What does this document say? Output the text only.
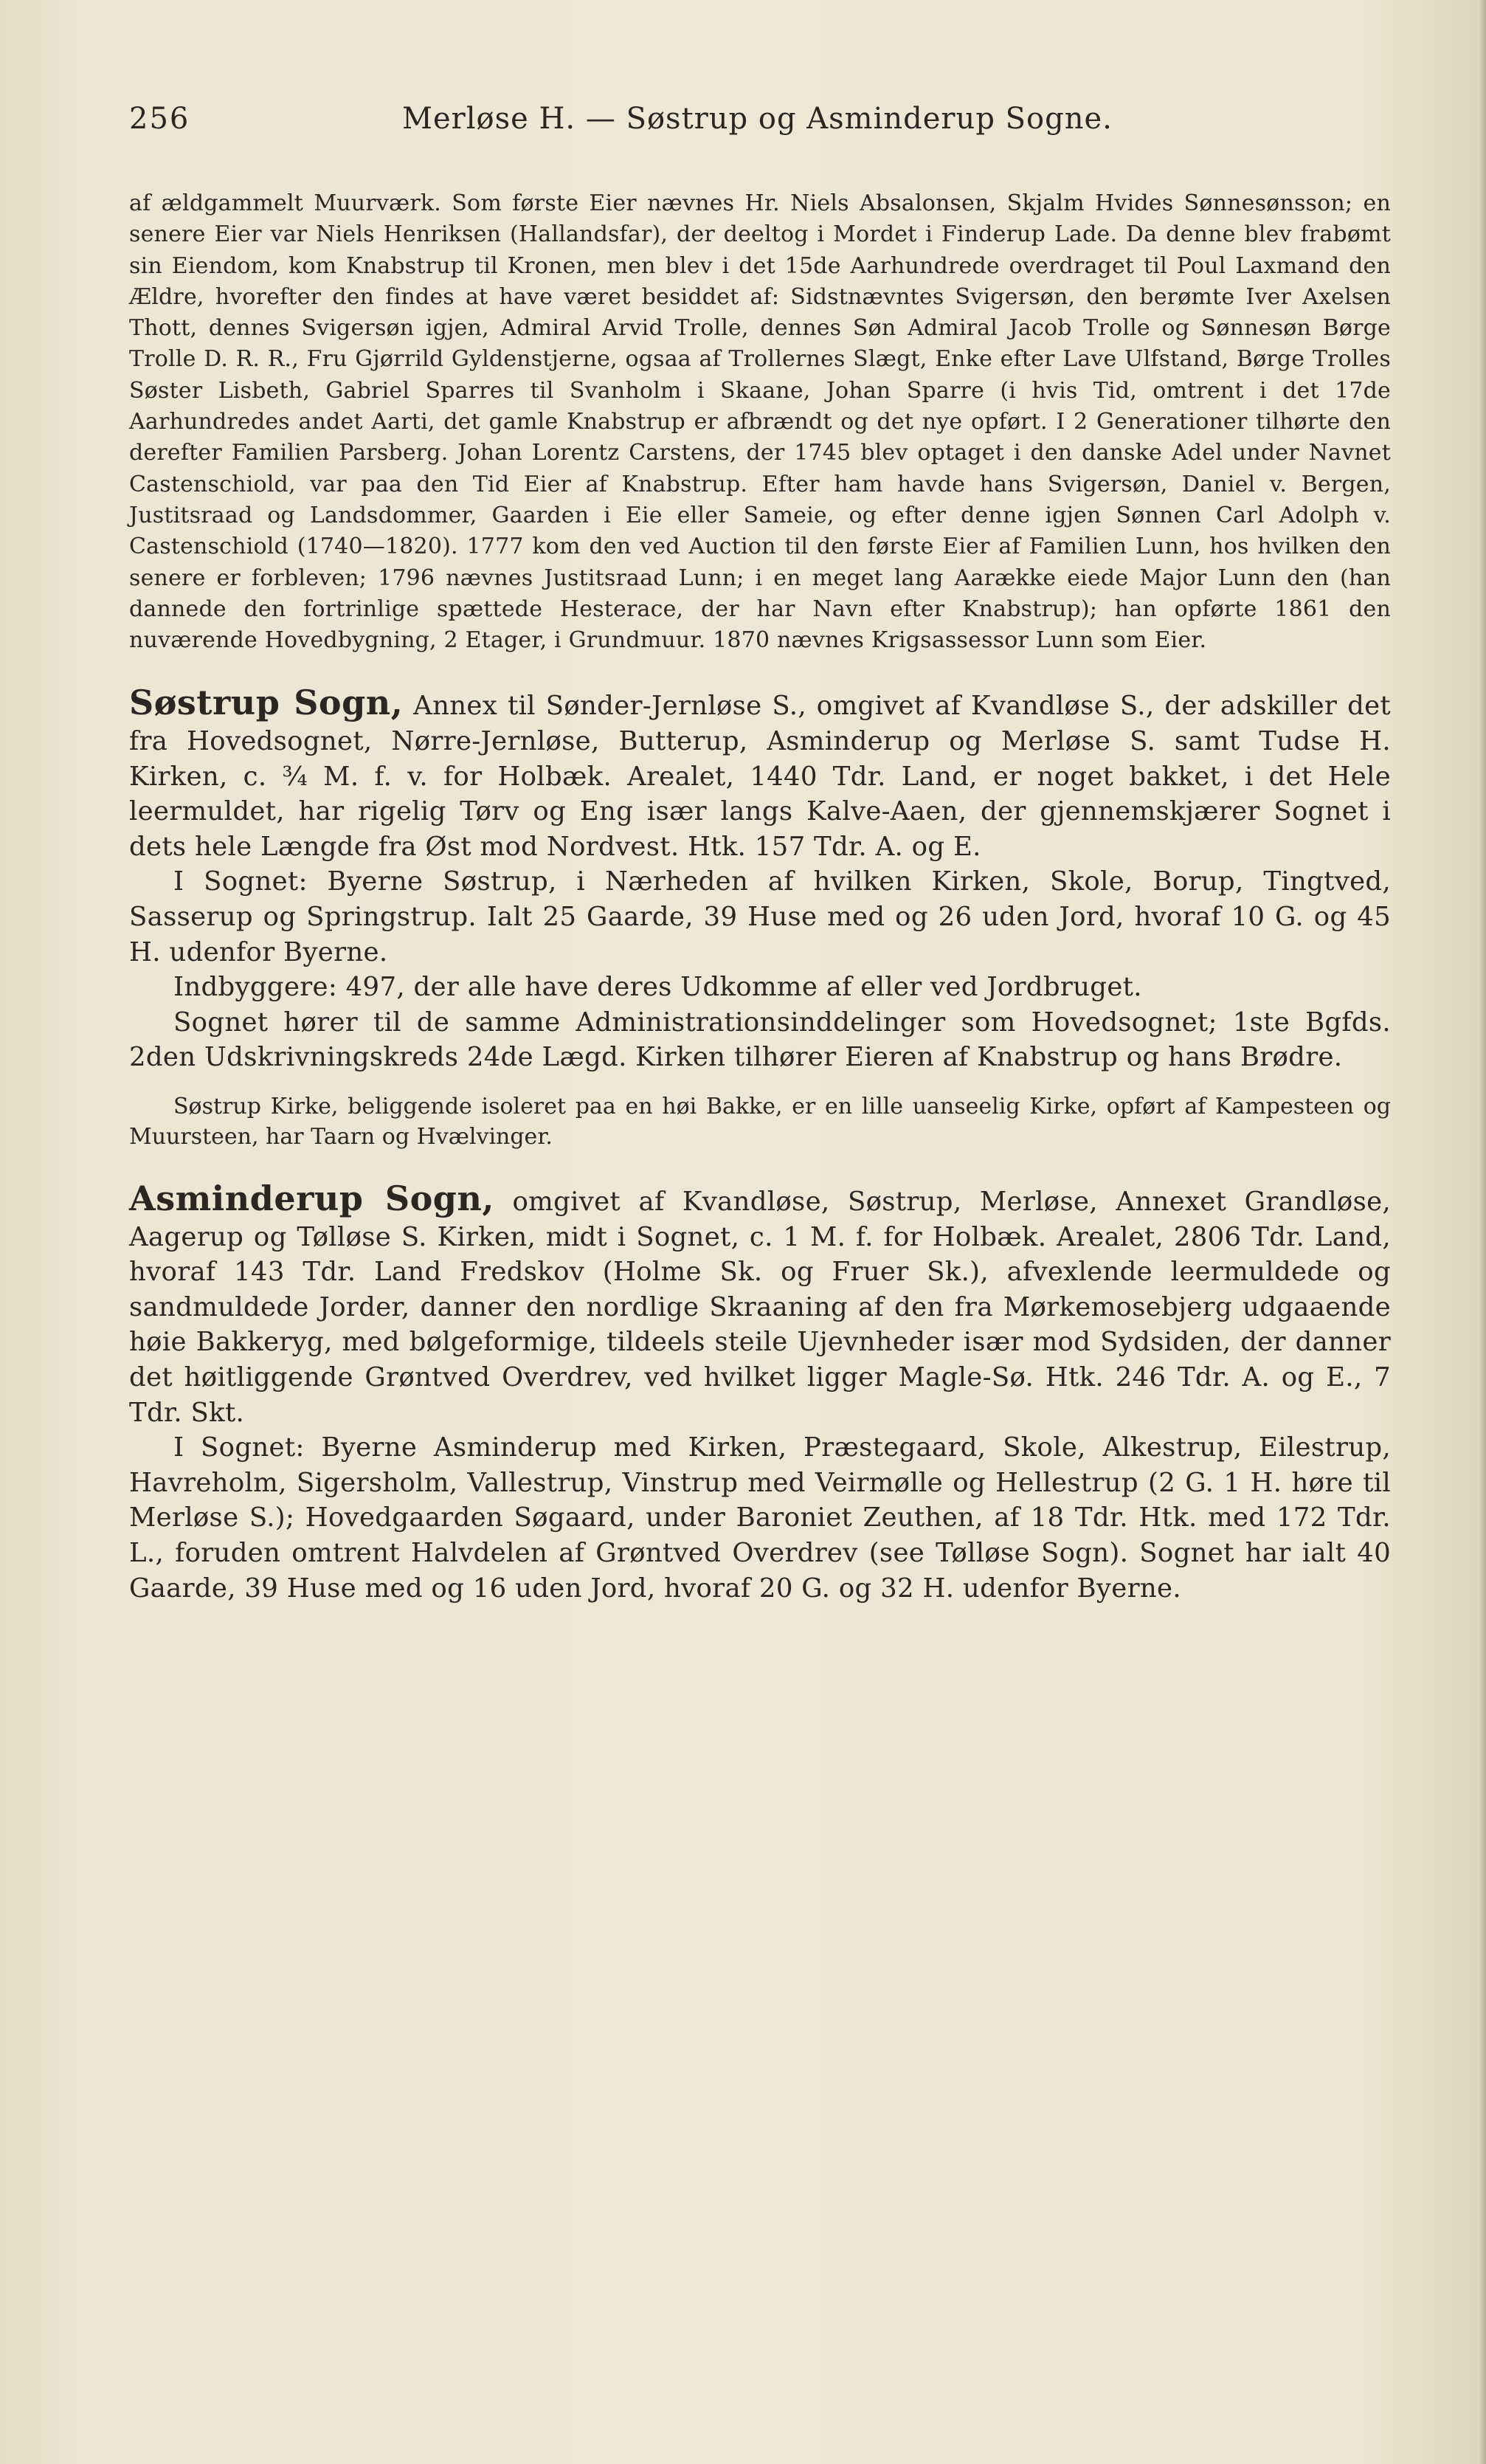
256	Merløse H. — Søstrup og Asminderup Sogne.

af ældgammelt Muurværk. Som første Eier nævnes Hr. Niels Absalonsen, Skjalm Hvides Sønnesønsson; en senere Eier var Niels Henriksen (Hallandsfar), der deeltog i Mordet i Finderup Lade. Da denne blev frabømt sin Eiendom, kom Knabstrup til Kronen, men blev i det 15de Aarhundrede overdraget til Poul Laxmand den Ældre, hvorefter den findes at have været besiddet af: Sidstnævntes Svigersøn, den berømte Iver Axelsen Thott, dennes Svigersøn igjen, Admiral Arvid Trolle, dennes Søn Admiral Jacob Trolle og Sønnesøn Børge Trolle D. R. R., Fru Gjørrild Gyldenstjerne, ogsaa af Trollernes Slægt, Enke efter Lave Ulfstand, Børge Trolles Søster Lisbeth, Gabriel Sparres til Svanholm i Skaane, Johan Sparre (i hvis Tid, omtrent i det 17de Aarhundredes andet Aarti, det gamle Knabstrup er afbrændt og det nye opført. I 2 Generationer tilhørte den derefter Familien Parsberg. Johan Lorentz Carstens, der 1745 blev optaget i den danske Adel under Navnet Castenschiold, var paa den Tid Eier af Knabstrup. Efter ham havde hans Svigersøn, Daniel v. Bergen, Justitsraad og Landsdommer, Gaarden i Eie eller Sameie, og efter denne igjen Sønnen Carl Adolph v. Castenschiold (1740—1820). 1777 kom den ved Auction til den første Eier af Familien Lunn, hos hvilken den senere er forbleven; 1796 nævnes Justitsraad Lunn; i en meget lang Aarække eiede Major Lunn den (han dannede den fortrinlige spættede Hesterace, der har Navn efter Knabstrup); han opførte 1861 den nuværende Hovedbygning, 2 Etager, i Grundmuur. 1870 nævnes Krigsassessor Lunn som Eier.

Søstrup Sogn, Annex til Sønder-Jernløse S., omgivet af Kvandløse S., der adskiller det fra Hovedsognet, Nørre-Jernløse, Butterup, Asminderup og Merløse S. samt Tudse H. Kirken, c. ¾ M. f. v. for Holbæk. Arealet, 1440 Tdr. Land, er noget bakket, i det Hele leermuldet, har rigelig Tørv og Eng især langs Kalve-Aaen, der gjennemskjærer Sognet i dets hele Længde fra Øst mod Nordvest. Htk. 157 Tdr. A. og E.

I Sognet: Byerne Søstrup, i Nærheden af hvilken Kirken, Skole, Borup, Tingtved, Sasserup og Springstrup. Ialt 25 Gaarde, 39 Huse med og 26 uden Jord, hvoraf 10 G. og 45 H. udenfor Byerne.

Indbyggere: 497, der alle have deres Udkomme af eller ved Jordbruget.

Sognet hører til de samme Administrationsinddelinger som Hovedsognet; 1ste Bgfds. 2den Udskrivningskreds 24de Lægd. Kirken tilhører Eieren af Knabstrup og hans Brødre.

Søstrup Kirke, beliggende isoleret paa en høi Bakke, er en lille uanseelig Kirke, opført af Kampesteen og Muursteen, har Taarn og Hvælvinger.

Asminderup Sogn, omgivet af Kvandløse, Søstrup, Merløse, Annexet Grandløse, Aagerup og Tølløse S. Kirken, midt i Sognet, c. 1 M. f. for Holbæk. Arealet, 2806 Tdr. Land, hvoraf 143 Tdr. Land Fredskov (Holme Sk. og Fruer Sk.), afvexlende leermuldede og sandmuldede Jorder, danner den nordlige Skraaning af den fra Mørkemosebjerg udgaaende høie Bakkeryg, med bølgeformige, tildeels steile Ujevnheder især mod Sydsiden, der danner det høitliggende Grøntved Overdrev, ved hvilket ligger Magle-Sø. Htk. 246 Tdr. A. og E., 7 Tdr. Skt.

I Sognet: Byerne Asminderup med Kirken, Præstegaard, Skole, Alkestrup, Eilestrup, Havreholm, Sigersholm, Vallestrup, Vinstrup med Veirmølle og Hellestrup (2 G. 1 H. høre til Merløse S.); Hovedgaarden Søgaard, under Baroniet Zeuthen, af 18 Tdr. Htk. med 172 Tdr. L., foruden omtrent Halvdelen af Grøntved Overdrev (see Tølløse Sogn). Sognet har ialt 40 Gaarde, 39 Huse med og 16 uden Jord, hvoraf 20 G. og 32 H. udenfor Byerne.
